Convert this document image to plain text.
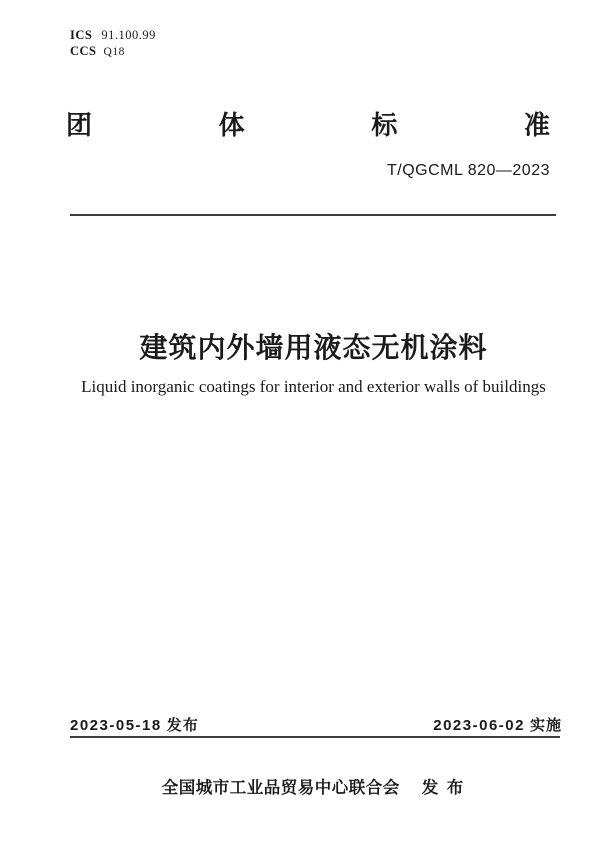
ICS 91.100.99
CCS Q18
团	体	标	准
T/QGCML 820—2023
建筑内外墙用液态无机涂料
Liquid inorganic coatings for interior and exterior walls of buildings
2023-05-18 发布	2023-06-02 实施
全国城市工业品贸易中心联合会 发 布
